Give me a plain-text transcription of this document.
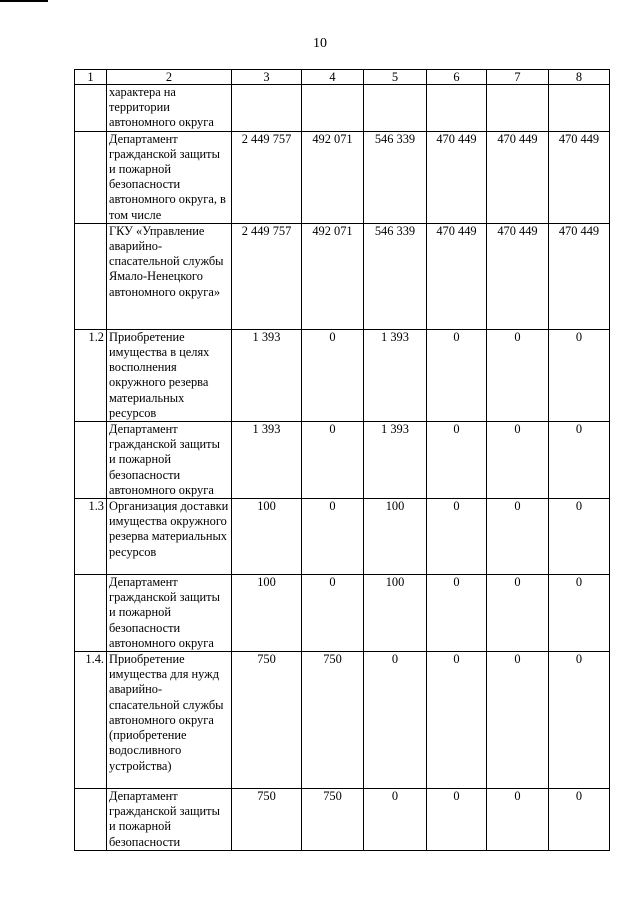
10
1	2	3	4	5	6	7	8
	характера на территории автономного округа						
	Департамент гражданской защиты и пожарной безопасности автономного округа, в том числе	2 449 757	492 071	546 339	470 449	470 449	470 449
	ГКУ «Управление аварийно-спасательной службы Ямало-Ненецкого автономного округа»	2 449 757	492 071	546 339	470 449	470 449	470 449
1.2	Приобретение имущества в целях восполнения окружного резерва материальных ресурсов	1 393	0	1 393	0	0	0
	Департамент гражданской защиты и пожарной безопасности автономного округа	1 393	0	1 393	0	0	0
1.3	Организация доставки имущества окружного резерва материальных ресурсов	100	0	100	0	0	0
	Департамент гражданской защиты и пожарной безопасности автономного округа	100	0	100	0	0	0
1.4.	Приобретение имущества для нужд аварийно-спасательной службы автономного округа (приобретение водосливного устройства)	750	750	0	0	0	0
	Департамент гражданской защиты и пожарной безопасности	750	750	0	0	0	0
